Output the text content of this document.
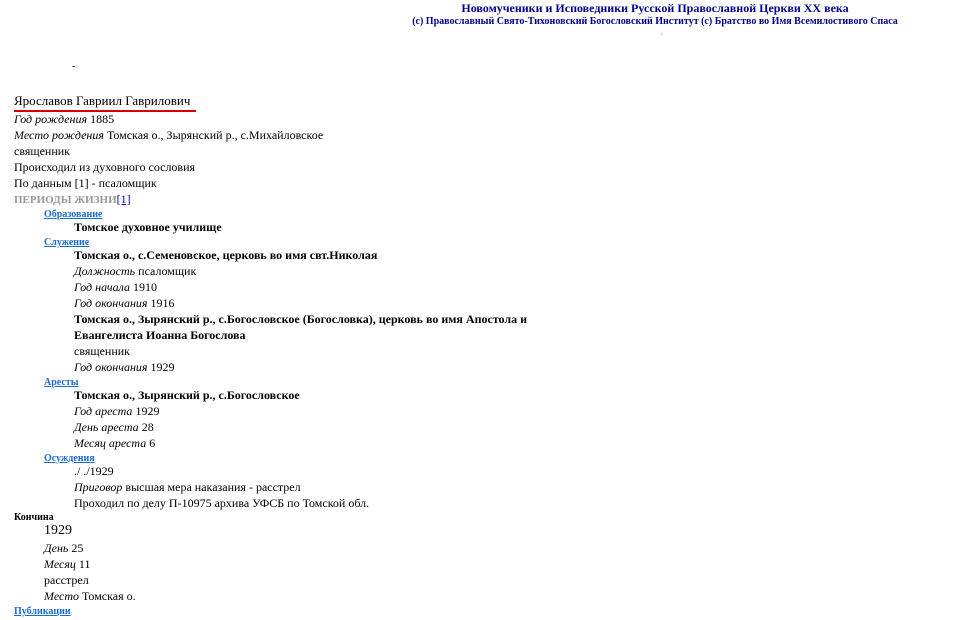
Новомученики и Исповедники Русской Православной Церкви XX века
(c) Православный Свято-Тихоновский Богословский Институт (c) Братство во Имя Всемилостивого Спаса
·
-
Ярославов Гавриил Гаврилович
Год рождения 1885
Место рождения Томская о., Зырянский р., с.Михайловское
священник
Происходил из духовного сословия
По данным [1] - псаломщик
ПЕРИОДЫ ЖИЗНИ[1]
Образование
Томское духовное училище
Служение
Томская о., с.Семеновское, церковь во имя свт.Николая
Должность псаломщик
Год начала 1910
Год окончания 1916
Томская о., Зырянский р., с.Богословское (Богословка), церковь во имя Апостола и
Евангелиста Иоанна Богослова
священник
Год окончания 1929
Аресты
Томская о., Зырянский р., с.Богословское
Год ареста 1929
День ареста 28
Месяц ареста 6
Осуждения
./ ./1929
Приговор высшая мера наказания - расстрел
Проходил по делу П-10975 архива УФСБ по Томской обл.
Кончина
1929
День 25
Месяц 11
расстрел
Место Томская о.
Публикации
